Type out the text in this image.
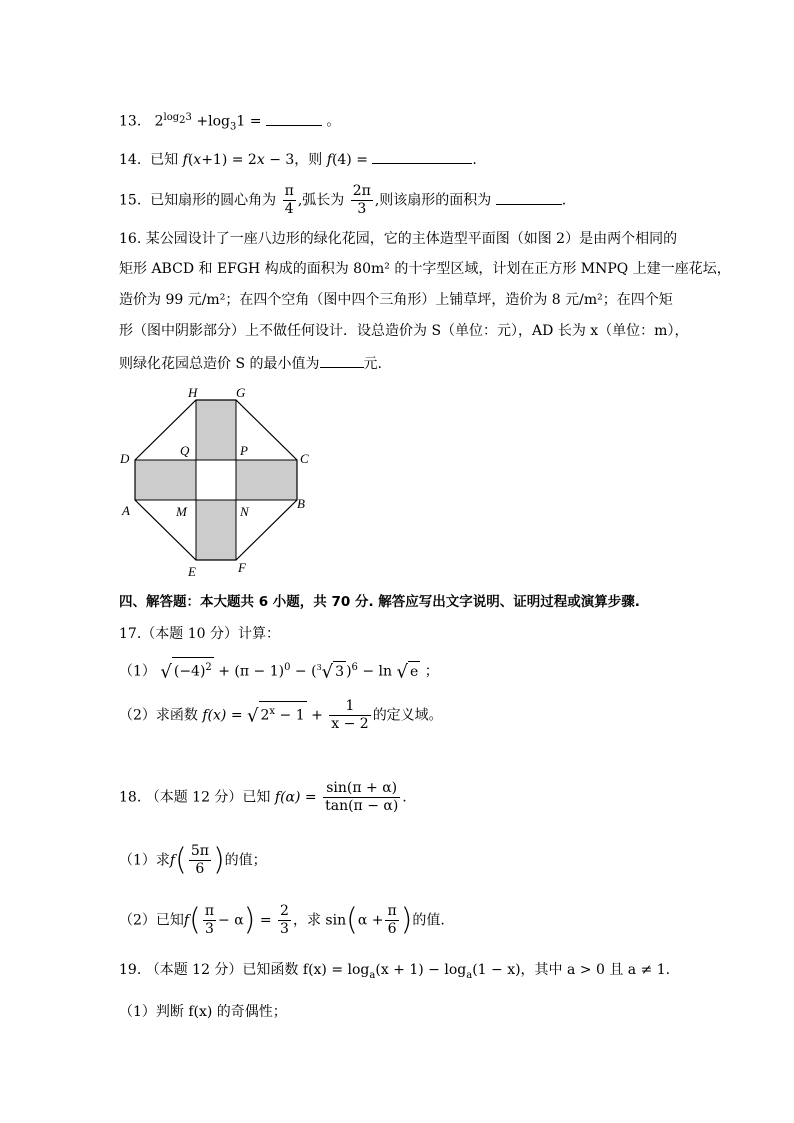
13. $2^{log_23} +\log_31$ =	。
14. 已知 f(x+1) = 2x − 3，则 f(4) =	.
15. 已知扇形的圆心角为 $\frac{\pi}{4}$ ,弧长为 $\frac{2\pi}{3}$ ,则该扇形的面积为	.
16. 某公园设计了一座八边形的绿化花园，它的主体造型平面图（如图 2）是由两个相同的
矩形 ABCD 和 EFGH 构成的面积为 80m² 的十字型区域，计划在正方形 MNPQ 上建一座花坛，
造价为 99 元/m²；在四个空角（图中四个三角形）上铺草坪，造价为 8 元/m²；在四个矩
形（图中阴影部分）上不做任何设计．设总造价为 S（单位：元），AD 长为 x（单位：m），
则绿化花园总造价 S 的最小值为	元.
H	G
D
Q	P
C
A	M	N
B
E	F
四、解答题：本大题共 6 小题，共 70 分. 解答应写出文字说明、证明过程或演算步骤.
17.（本题 10 分）计算：
（1） √ $(-4)^2 + (\pi - 1)^0 - (^3√$ 3 )$^6$ − ln √ e ；
（2）求函数 f(x) = √ $2^x - 1 + \frac{1}{x - 2}$ 的定义域。
18. （本题 12 分）已知 $f(\alpha) = \frac{\sin(\pi + \alpha)}{\tan(\pi - \alpha)}$ .
（1）求$f( \frac{5\pi}{6}$ )的值；
（2）已知$f( \frac{\pi}{3} - \alpha) = \frac{2}{3}$ ，求 $\sin(\alpha + \frac{\pi}{6}$ )的值.
19. （本题 12 分）已知函数 $f(x) = \log_a(x + 1) - \log_a(1 - x)$，其中 a > 0 且 a ≠ 1.
（1）判断 f(x) 的奇偶性；
